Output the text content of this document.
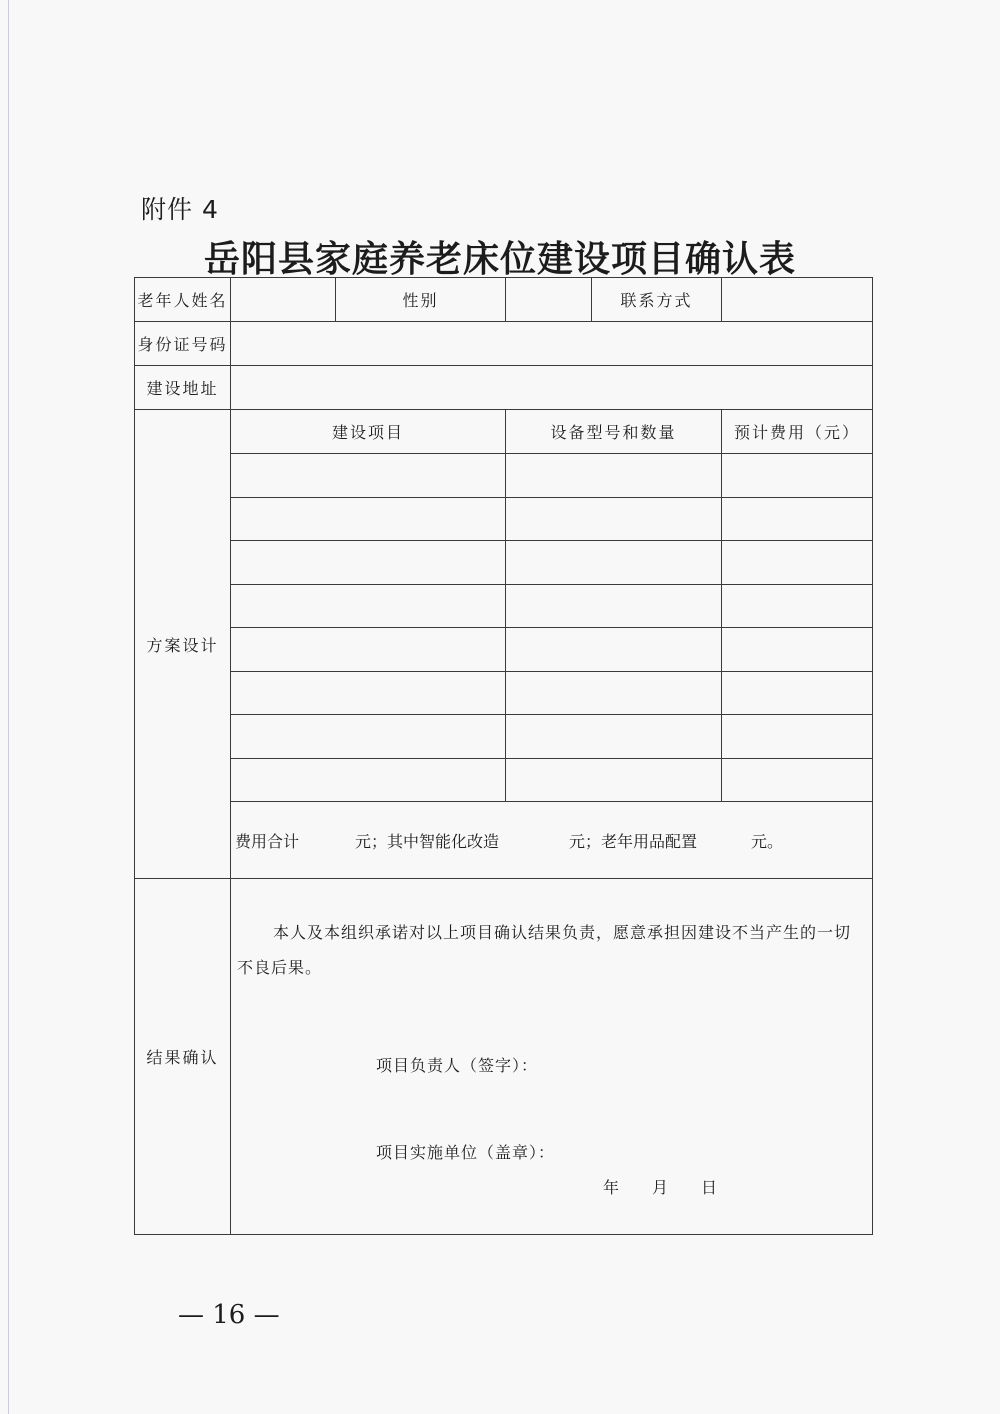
附件 4
岳阳县家庭养老床位建设项目确认表
老年人姓名		性别		联系方式	
身份证号码					
建设地址					
方案设计	建设项目		设备型号和数量		预计费用（元）

	费用合计 元；其中智能化改造 元；老年用品配置 元。				
结果确认	本人及本组织承诺对以上项目确认结果负责，愿意承担因建设不当产生的一切不良后果。
项目负责人（签字）：
项目实施单位（盖章）：
年 月 日				
— 16 —
